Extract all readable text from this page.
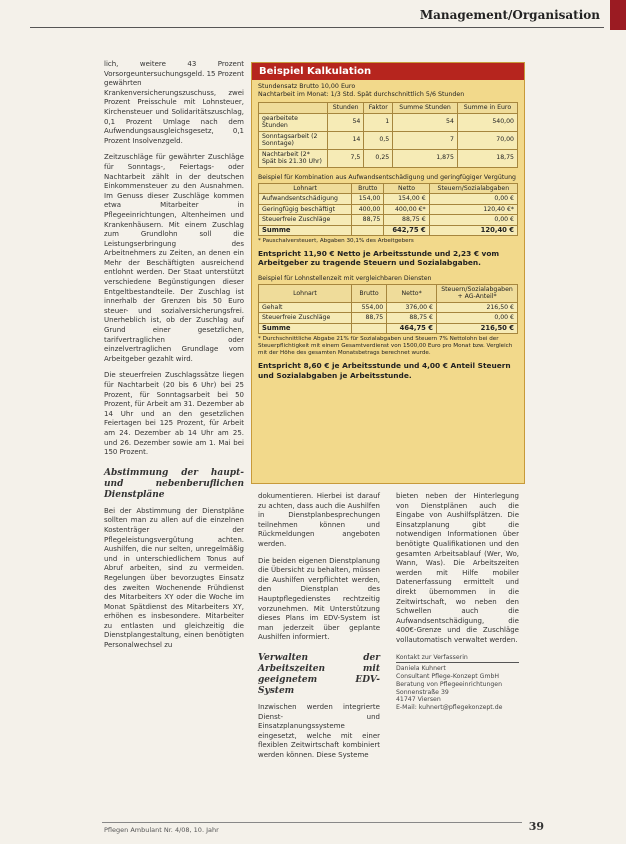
Management/Organisation

lich, weitere 43 Prozent Vorsorgeuntersuchungsgeld. 15 Prozent gewährten Krankenversicherungszuschuss, zwei Prozent Preisschule mit Lohnsteuer, Kirchensteuer und Solidaritätszuschlag, 0,1 Prozent Umlage nach dem Aufwendungsausgleichsgesetz, 0,1 Prozent Insolvenzgeld.

Zeitzuschläge für gewährter Zuschläge für Sonntags-, Feiertags- oder Nachtarbeit zählt in der deutschen Einkommensteuer zu den Ausnahmen. Im Genuss dieser Zuschläge kommen etwa Mitarbeiter in Pflegeeinrichtungen, Altenheimen und Krankenhäusern. Mit einem Zuschlag zum Grundlohn soll die Leistungserbringung des Arbeitnehmers zu Zeiten, an denen ein Mehr der Beschäftigten ausreichend entlohnt werden. Der Staat unterstützt verschiedene Begünstigungen dieser Entgeltbestandteile. Der Zuschlag ist innerhalb der Grenzen bis 50 Euro steuer- und sozialversicherungsfrei. Unerheblich ist, ob der Zuschlag auf Grund einer gesetzlichen, tarifvertraglichen oder einzelvertraglichen Grundlage vom Arbeitgeber gezahlt wird.

Die steuerfreien Zuschlagssätze liegen für Nachtarbeit (20 bis 6 Uhr) bei 25 Prozent, für Sonntagsarbeit bei 50 Prozent, für Arbeit am 31. Dezember ab 14 Uhr und an den gesetzlichen Feiertagen bei 125 Prozent, für Arbeit am 24. Dezember ab 14 Uhr am 25. und 26. Dezember sowie am 1. Mai bei 150 Prozent.

Abstimmung der haupt- und nebenberuflichen Dienstpläne

Bei der Abstimmung der Dienstpläne sollten man zu allen auf die einzelnen Kostenträger der Pflegeleistungsvergütung achten. Aushilfen, die nur selten, unregelmäßig und in unterschiedlichem Tonus auf Abruf arbeiten, sind zu vermeiden. Regelungen über bevorzugtes Einsatz des zweiten Wochenende Frühdienst des Mitarbeiters XY oder die Woche im Monat Spätdienst des Mitarbeiters XY, erhöhen es insbesondere. Mitarbeiter zu entlasten und gleichzeitig die Dienstplangestaltung, einen benötigten Personalwechsel zu

Beispiel Kalkulation
Stundensatz Brutto 10,00 Euro
Nachtarbeit im Monat: 1/3 Std. Spät durchschnittlich 5/6 Stunden
	Stunden	Faktor	Summe Stunden	Summe in Euro
gearbeitete Stunden	54	1	54	540,00
Sonntagsarbeit (2 Sonntage)	14	0,5	7	70,00
Nachtarbeit (2* Spät bis 21.30 Uhr)	7,5	0,25	1,875	18,75
Beispiel für Kombination aus Aufwandsentschädigung und geringfügiger Vergütung
Lohnart	Brutto	Netto	Steuern/Sozialabgaben
Aufwandsentschädigung	154,00	154,00 €	0,00 €
Geringfügig beschäftigt	400,00	400,00 €*	120,40 €*
Steuerfreie Zuschläge	88,75	88,75 €	0,00 €
Summe		642,75 €	120,40 €
* Pauschalversteuert, Abgaben 30,1% des Arbeitgebers
Entspricht 11,90 € Netto je Arbeitsstunde und 2,23 € vom Arbeitgeber zu tragende Steuern und Sozialabgaben.
Beispiel für Lohnstellenzeit mit vergleichbaren Diensten
Lohnart	Brutto	Netto*	Steuern/Sozialabgaben + AG-Anteil*
Gehalt	554,00	376,00 €	216,50 €
Steuerfreie Zuschläge	88,75	88,75 €	0,00 €
Summe		464,75 €	216,50 €
* Durchschnittliche Abgabe 21% für Sozialabgaben und Steuern 7% Nettolohn bei der Steuerpflichtigkeit mit einem Gesamtverdienst von 1500,00 Euro pro Monat bzw. Vergleich mit der Höhe des gesamten Monatsbetrags berechnet wurde.
Entspricht 8,60 € je Arbeitsstunde und 4,00 € Anteil Steuern und Sozialabgaben je Arbeitsstunde.

dokumentieren. Hierbei ist darauf zu achten, dass auch die Aushilfen in Dienstplanbesprechungen teilnehmen können und Rückmeldungen angeboten werden.

Die beiden eigenen Dienstplanung die Übersicht zu behalten, müssen die Aushilfen verpflichtet werden, den Dienstplan des Hauptpflegedienstes rechtzeitig vorzunehmen. Mit Unterstützung dieses Plans im EDV-System ist man jederzeit über geplante Aushilfen informiert.

Verwalten der Arbeitszeiten mit geeignetem EDV-System

Inzwischen werden integrierte Dienst- und Einsatzplanungssysteme eingesetzt, welche mit einer flexiblen Zeitwirtschaft kombiniert werden können. Diese Systeme

bieten neben der Hinterlegung von Dienstplänen auch die Eingabe von Aushilfsplätzen. Die Einsatzplanung gibt die notwendigen Informationen über benötigte Qualifikationen und den gesamten Arbeitsablauf (Wer, Wo, Wann, Was). Die Arbeitszeiten werden mit Hilfe mobiler Datenerfassung ermittelt und direkt übernommen in die Zeitwirtschaft, wo neben den Schwellen auch die Aufwandsentschädigung, die 400€-Grenze und die Zuschläge vollautomatisch verwaltet werden.

Kontakt zur Verfasserin
Daniela Kuhnert
Consultant Pflege-Konzept GmbH
Beratung von Pflegeeinrichtungen
Sonnenstraße 39
41747 Viersen
E-Mail: kuhnert@pflegekonzept.de
Pflegen Ambulant Nr. 4/08, 10. Jahr	39
